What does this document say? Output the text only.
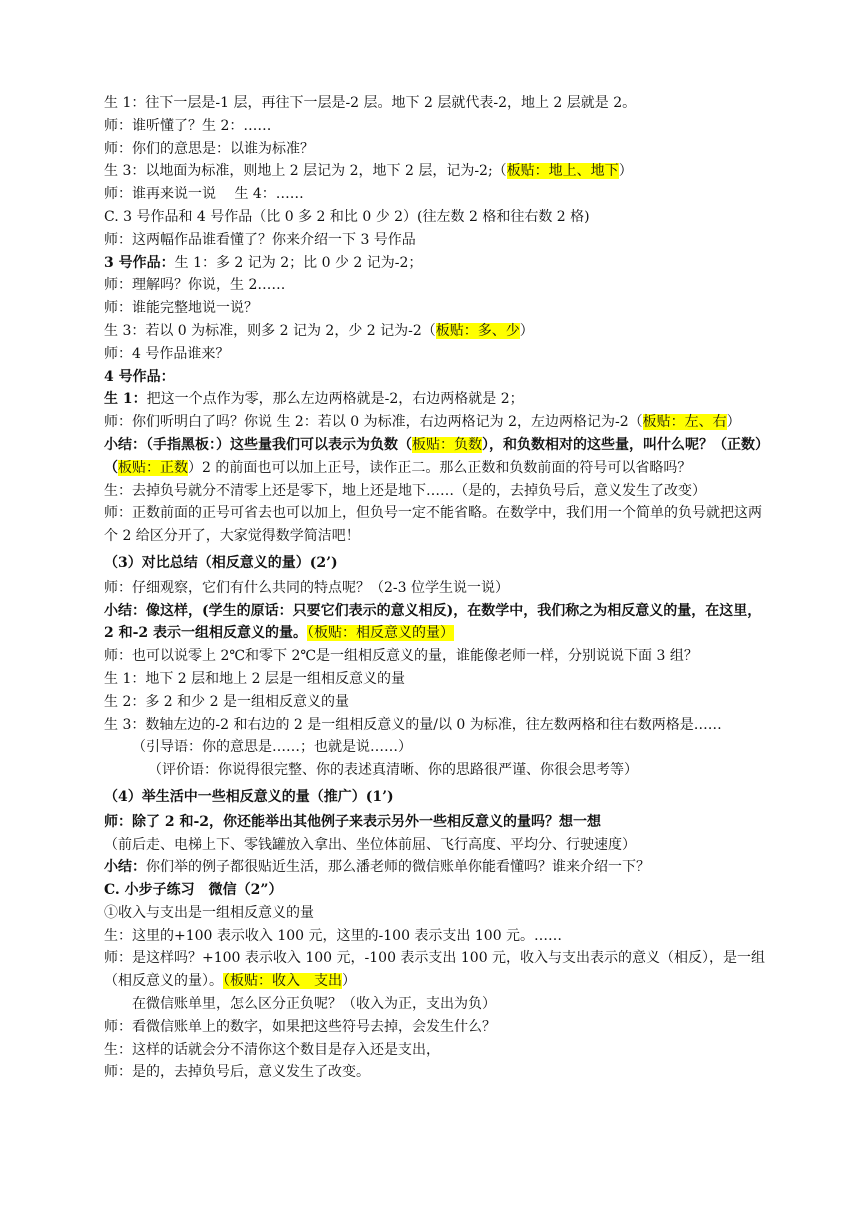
生 1：往下一层是-1 层，再往下一层是-2 层。地下 2 层就代表-2，地上 2 层就是 2。
师：谁听懂了？生 2：……
师：你们的意思是：以谁为标准？
生 3：以地面为标准，则地上 2 层记为 2，地下 2 层，记为-2;（板贴：地上、地下）
师：谁再来说一说　 生 4：……
C. 3 号作品和 4 号作品（比 0 多 2 和比 0 少 2）(往左数 2 格和往右数 2 格)
师：这两幅作品谁看懂了？你来介绍一下 3 号作品
3 号作品：生 1：多 2 记为 2；比 0 少 2 记为-2；
师：理解吗？你说，生 2……
师：谁能完整地说一说？
生 3：若以 0 为标准，则多 2 记为 2，少 2 记为-2（板贴：多、少）
师：4 号作品谁来？
4 号作品：
生 1：把这一个点作为零，那么左边两格就是-2，右边两格就是 2；
师：你们听明白了吗？你说 生 2：若以 0 为标准，右边两格记为 2，左边两格记为-2（板贴：左、右）
小结：（手指黑板：）这些量我们可以表示为负数（板贴：负数），和负数相对的这些量，叫什么呢？（正数）（板贴：正数）2 的前面也可以加上正号，读作正二。那么正数和负数前面的符号可以省略吗？
生：去掉负号就分不清零上还是零下，地上还是地下……（是的，去掉负号后，意义发生了改变）
师：正数前面的正号可省去也可以加上，但负号一定不能省略。在数学中，我们用一个简单的负号就把这两个 2 给区分开了，大家觉得数学简洁吧！
（3）对比总结（相反意义的量）(2’)
师：仔细观察，它们有什么共同的特点呢？（2-3 位学生说一说）
小结：像这样，(学生的原话：只要它们表示的意义相反)，在数学中，我们称之为相反意义的量，在这里，2 和-2 表示一组相反意义的量。（板贴：相反意义的量）
师：也可以说零上 2℃和零下 2℃是一组相反意义的量，谁能像老师一样，分别说说下面 3 组？
生 1：地下 2 层和地上 2 层是一组相反意义的量
生 2：多 2 和少 2 是一组相反意义的量
生 3：数轴左边的-2 和右边的 2 是一组相反意义的量/以 0 为标准，往左数两格和往右数两格是……
（引导语：你的意思是……；也就是说……）
（评价语：你说得很完整、你的表述真清晰、你的思路很严谨、你很会思考等）
（4）举生活中一些相反意义的量（推广）(1’)
师：除了 2 和-2，你还能举出其他例子来表示另外一些相反意义的量吗？想一想
（前后走、电梯上下、零钱罐放入拿出、坐位体前屈、飞行高度、平均分、行驶速度）
小结：你们举的例子都很贴近生活，那么潘老师的微信账单你能看懂吗？谁来介绍一下？
C. 小步子练习　微信（2”）
①收入与支出是一组相反意义的量
生：这里的+100 表示收入 100 元，这里的-100 表示支出 100 元。……
师：是这样吗？+100 表示收入 100 元，-100 表示支出 100 元，收入与支出表示的意义（相反），是一组（相反意义的量）。（板贴：收入　支出）
在微信账单里，怎么区分正负呢？（收入为正，支出为负）
师：看微信账单上的数字，如果把这些符号去掉，会发生什么？
生：这样的话就会分不清你这个数目是存入还是支出，
师：是的，去掉负号后，意义发生了改变。
